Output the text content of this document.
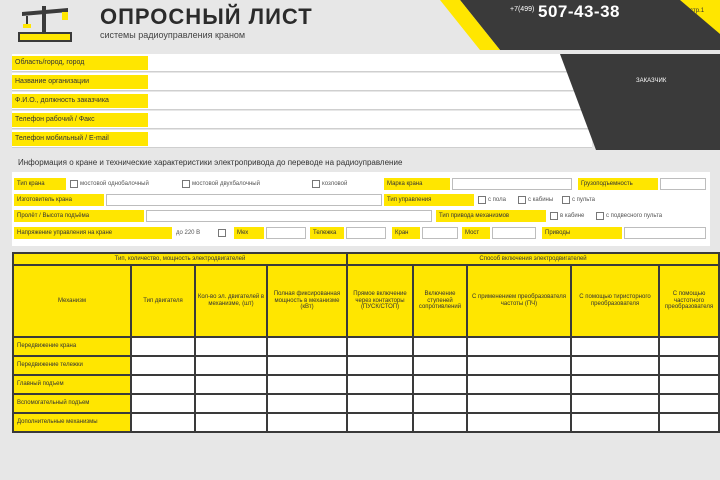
ОПРОСНЫЙ ЛИСТ
системы радиоуправления краном
+7(499) 507-43-38	стр.1
Область/город, город
Название организации
Ф.И.О., должность заказчика
Телефон рабочий / Факс
Телефон мобильный / E-mail
ЗАКАЗЧИК
Информация о кране и технические характеристики электропривода до переводе на радиоуправление
Тип крана	мостовой однобалочный	мостовой двухбалочный	козловой	Марка крана	Грузоподъемность
Изготовитель крана	Тип управления	с пола	с кабины	с пульта
Пролёт / Высота подъёма	Тип привода механизмов	в кабине	с подвесного пульта
Напряжение управления на кране	до 220 В	Мех	Тележка	Кран	Мост	Приводы
Тип, количество, мощность электродвигателей				Способ включения электродвигателей				
Механизм	Тип двигателя	Кол-во эл. двигателей в механизме, (шт)	Полная фиксированная мощность в механизме (кВт)	Прямое включение через контакторы (ПУСК/СТОП)	Включение ступеней сопротивлений	С применением преобразователя частоты (ПЧ)	С помощью тиристорного преобразователя	С помощью частотного преобразователя
Передвижение крана								
Передвижение тележки								
Главный подъем								
Вспомогательный подъем								
Дополнительные механизмы								
